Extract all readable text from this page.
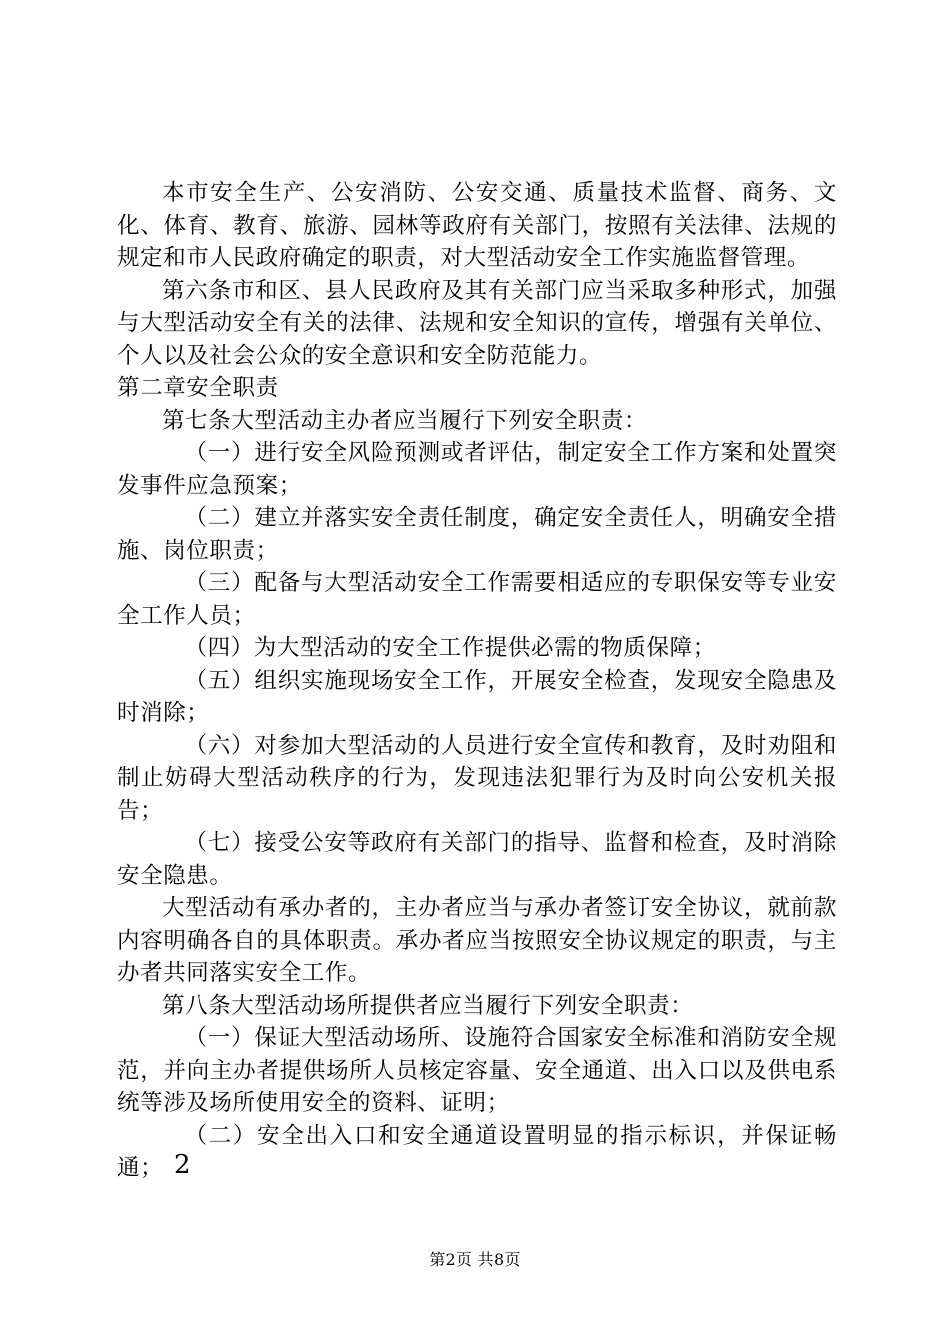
本市安全生产、公安消防、公安交通、质量技术监督、商务、文化、体育、教育、旅游、园林等政府有关部门，按照有关法律、法规的规定和市人民政府确定的职责，对大型活动安全工作实施监督管理。

第六条市和区、县人民政府及其有关部门应当采取多种形式，加强与大型活动安全有关的法律、法规和安全知识的宣传，增强有关单位、个人以及社会公众的安全意识和安全防范能力。

第二章安全职责

第七条大型活动主办者应当履行下列安全职责：

（一）进行安全风险预测或者评估，制定安全工作方案和处置突发事件应急预案；

（二）建立并落实安全责任制度，确定安全责任人，明确安全措施、岗位职责；

（三）配备与大型活动安全工作需要相适应的专职保安等专业安全工作人员；

（四）为大型活动的安全工作提供必需的物质保障；

（五）组织实施现场安全工作，开展安全检查，发现安全隐患及时消除；

（六）对参加大型活动的人员进行安全宣传和教育，及时劝阻和制止妨碍大型活动秩序的行为，发现违法犯罪行为及时向公安机关报告；

（七）接受公安等政府有关部门的指导、监督和检查，及时消除安全隐患。

大型活动有承办者的，主办者应当与承办者签订安全协议，就前款内容明确各自的具体职责。承办者应当按照安全协议规定的职责，与主办者共同落实安全工作。

第八条大型活动场所提供者应当履行下列安全职责：

（一）保证大型活动场所、设施符合国家安全标准和消防安全规范，并向主办者提供场所人员核定容量、安全通道、出入口以及供电系统等涉及场所使用安全的资料、证明；

（二）安全出入口和安全通道设置明显的指示标识，并保证畅通； 2
第2页 共8页
